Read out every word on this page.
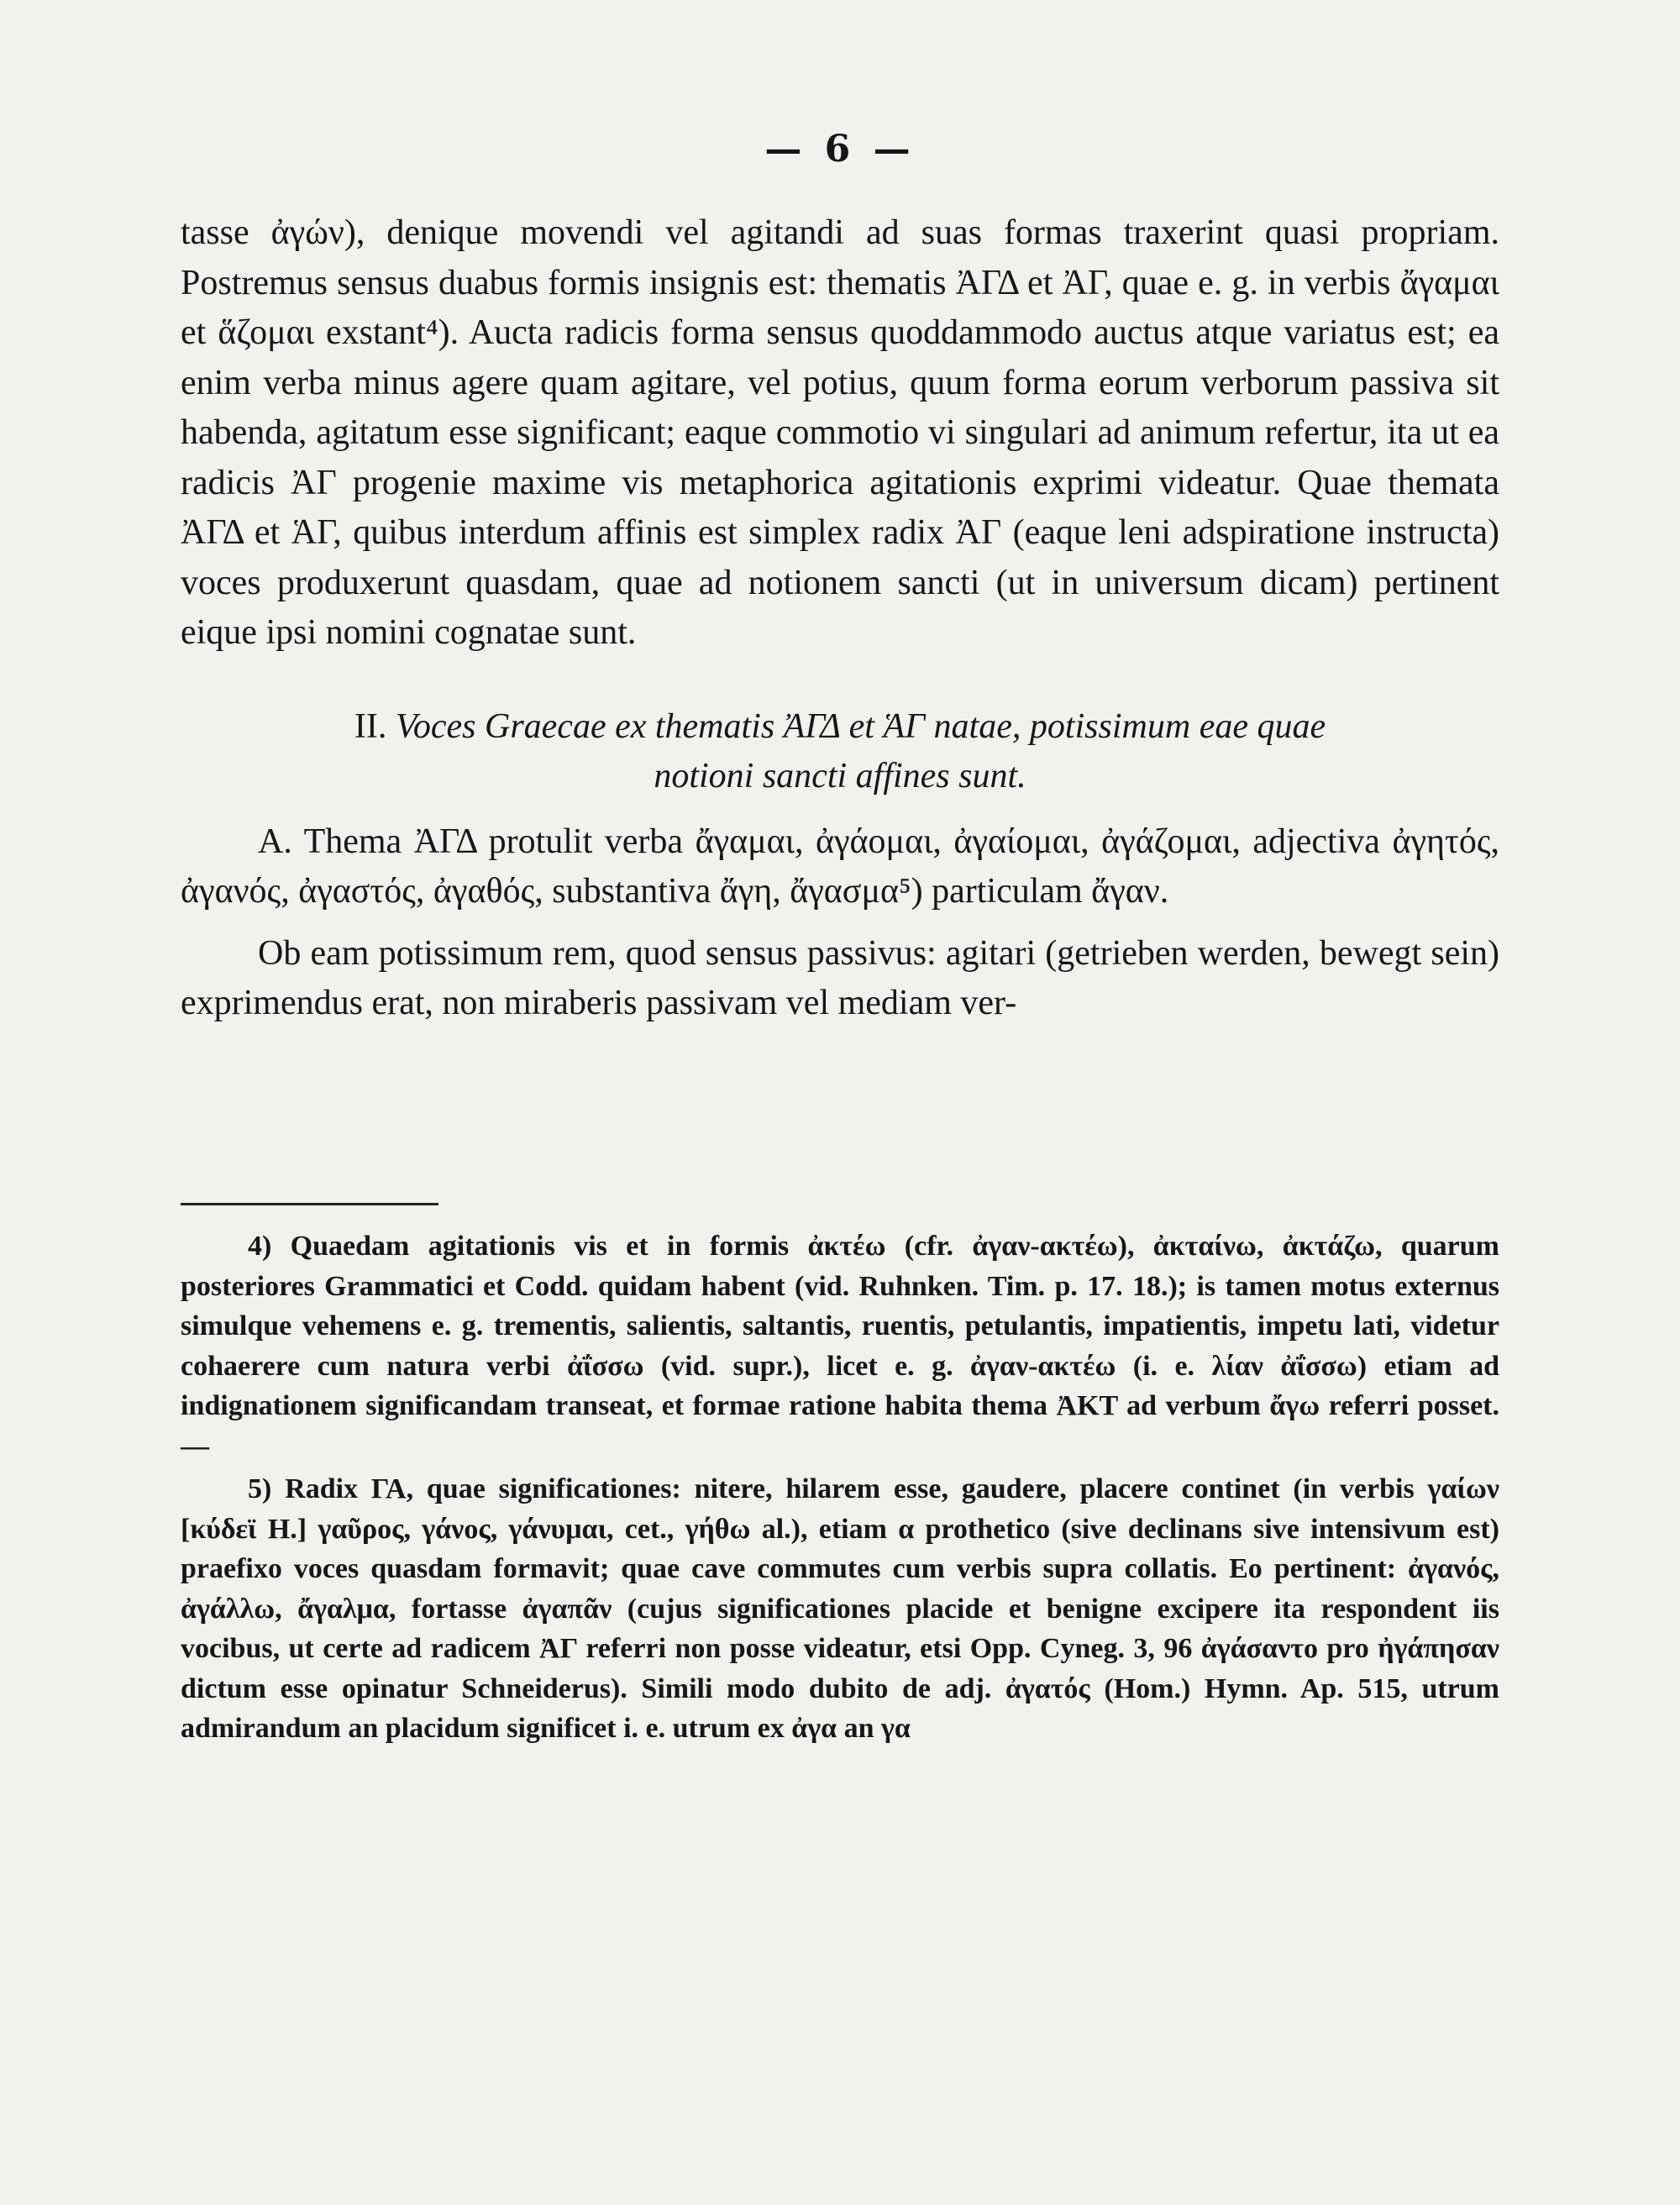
— 6 —

tasse ἀγών), denique movendi vel agitandi ad suas formas traxerint quasi propriam. Postremus sensus duabus formis insignis est: thematis ἈΓΔ et ἈΓ, quae e. g. in verbis ἄγαμαι et ἅζομαι exstant⁴). Aucta radicis forma sensus quoddammodo auctus atque variatus est; ea enim verba minus agere quam agitare, vel potius, quum forma eorum verborum passiva sit habenda, agitatum esse significant; eaque commotio vi singulari ad animum refertur, ita ut ea radicis ἈΓ progenie maxime vis metaphorica agitationis exprimi videatur. Quae themata ἈΓΔ et ἉΓ, quibus interdum affinis est simplex radix ἈΓ (eaque leni adspiratione instructa) voces produxerunt quasdam, quae ad notionem sancti (ut in universum dicam) pertinent eique ipsi nomini cognatae sunt.

II. Voces Graecae ex thematis ἈΓΔ et ἉΓ natae, potissimum eae quae
notioni sancti affines sunt.

A. Thema ἈΓΔ protulit verba ἄγαμαι, ἀγάομαι, ἀγαίομαι, ἀγάζομαι, adjectiva ἀγητός, ἀγανός, ἀγαστός, ἀγαθός, substantiva ἄγη, ἄγασμα⁵) particulam ἄγαν.

Ob eam potissimum rem, quod sensus passivus: agitari (getrieben werden, bewegt sein) exprimendus erat, non miraberis passivam vel mediam ver-

4) Quaedam agitationis vis et in formis ἀκτέω (cfr. ἀγαν-ακτέω), ἀκταίνω, ἀκτάζω, quarum posteriores Grammatici et Codd. quidam habent (vid. Ruhnken. Tim. p. 17. 18.); is tamen motus externus simulque vehemens e. g. trementis, salientis, saltantis, ruentis, petulantis, impatientis, impetu lati, videtur cohaerere cum natura verbi ἀΐσσω (vid. supr.), licet e. g. ἀγαν-ακτέω (i. e. λίαν ἀΐσσω) etiam ad indignationem significandam transeat, et formae ratione habita thema ἈΚΤ ad verbum ἄγω referri posset. —

5) Radix ΓΑ, quae significationes: nitere, hilarem esse, gaudere, placere continet (in verbis γαίων [κύδεϊ Η.] γαῦρος, γάνος, γάνυμαι, cet., γήθω al.), etiam α prothetico (sive declinans sive intensivum est) praefixo voces quasdam formavit; quae cave commutes cum verbis supra collatis. Eo pertinent: ἀγανός, ἀγάλλω, ἄγαλμα, fortasse ἀγαπᾶν (cujus significationes placide et benigne excipere ita respondent iis vocibus, ut certe ad radicem ἈΓ referri non posse videatur, etsi Opp. Cyneg. 3, 96 ἀγάσαντο pro ἠγάπησαν dictum esse opinatur Schneiderus). Simili modo dubito de adj. ἀγατός (Hom.) Hymn. Ap. 515, utrum admirandum an placidum significet i. e. utrum ex ἀγα an γα
